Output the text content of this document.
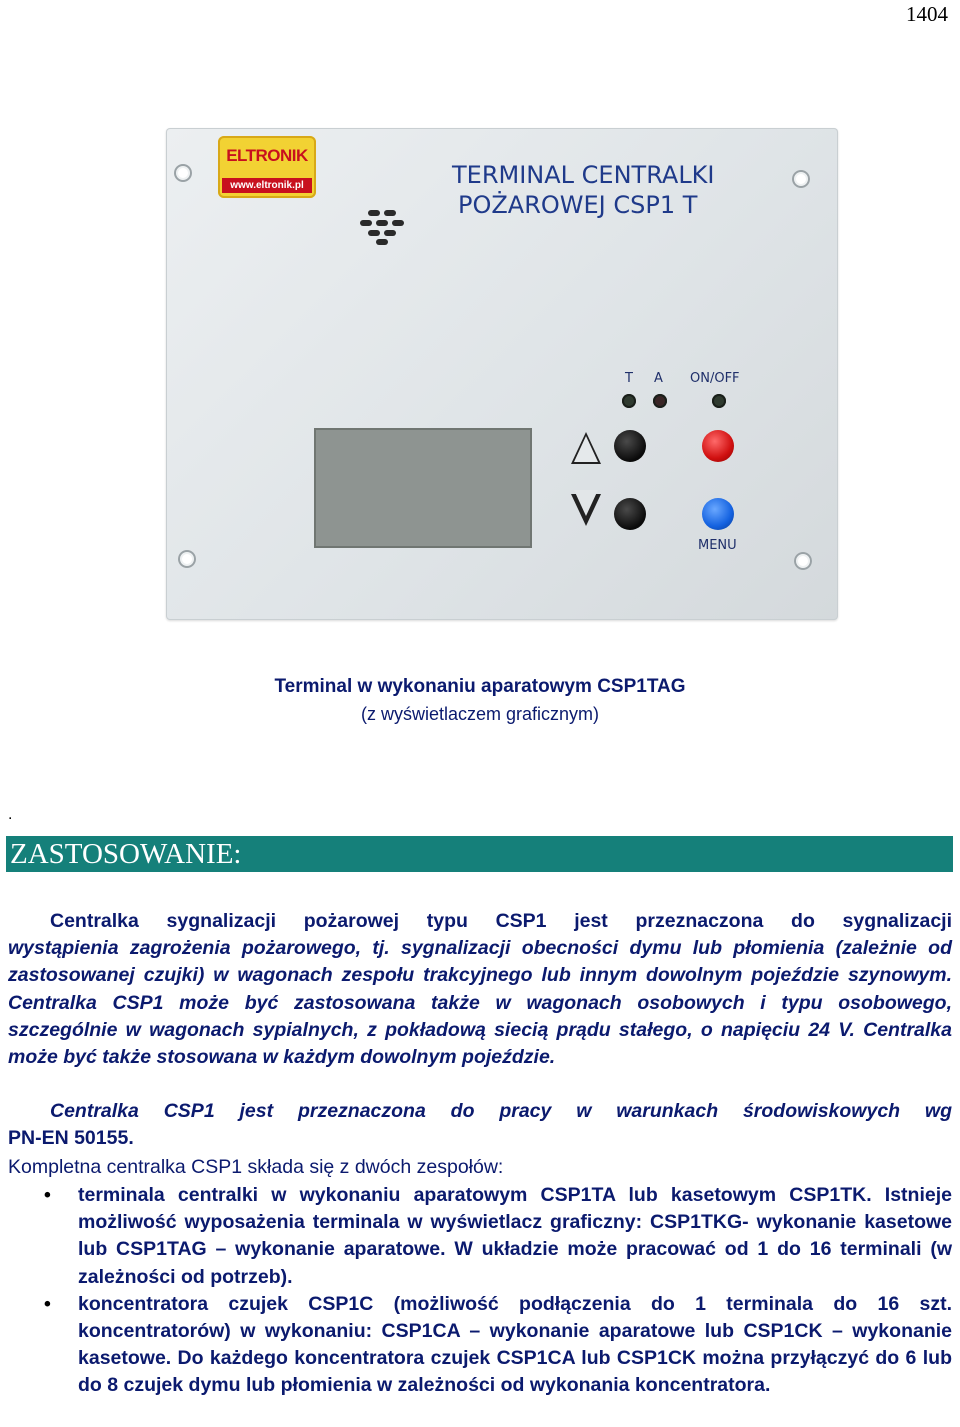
1404
ELTRONIK
www.eltronik.pl	TERMINAL CENTRALKI
POŻAROWEJ CSP1 T
T A ON/OFF
MENU
Terminal w wykonaniu aparatowym CSP1TAG
(z wyświetlaczem graficznym)
.
ZASTOSOWANIE:
Centralka sygnalizacji pożarowej typu CSP1 jest przeznaczona do sygnalizacji
wystąpienia zagrożenia pożarowego, tj. sygnalizacji obecności dymu lub płomienia (zależnie od zastosowanej czujki) w wagonach zespołu trakcyjnego lub innym dowolnym pojeździe szynowym. Centralka CSP1 może być zastosowana także w wagonach osobowych i typu osobowego, szczególnie w wagonach sypialnych, z pokładową siecią prądu stałego, o napięciu 24 V. Centralka może być także stosowana w każdym dowolnym pojeździe.
Centralka CSP1 jest przeznaczona do pracy w warunkach środowiskowych wg
PN-EN 50155.
Kompletna centralka CSP1 składa się z dwóch zespołów:
• terminala centralki w wykonaniu aparatowym CSP1TA lub kasetowym CSP1TK. Istnieje możliwość wyposażenia terminala w wyświetlacz graficzny: CSP1TKG- wykonanie kasetowe lub CSP1TAG – wykonanie aparatowe. W układzie może pracować od 1 do 16 terminali (w zależności od potrzeb).
• koncentratora czujek CSP1C (możliwość podłączenia do 1 terminala do 16 szt. koncentratorów) w wykonaniu: CSP1CA – wykonanie aparatowe lub CSP1CK – wykonanie kasetowe. Do każdego koncentratora czujek CSP1CA lub CSP1CK można przyłączyć do 6 lub do 8 czujek dymu lub płomienia w zależności od wykonania koncentratora.
